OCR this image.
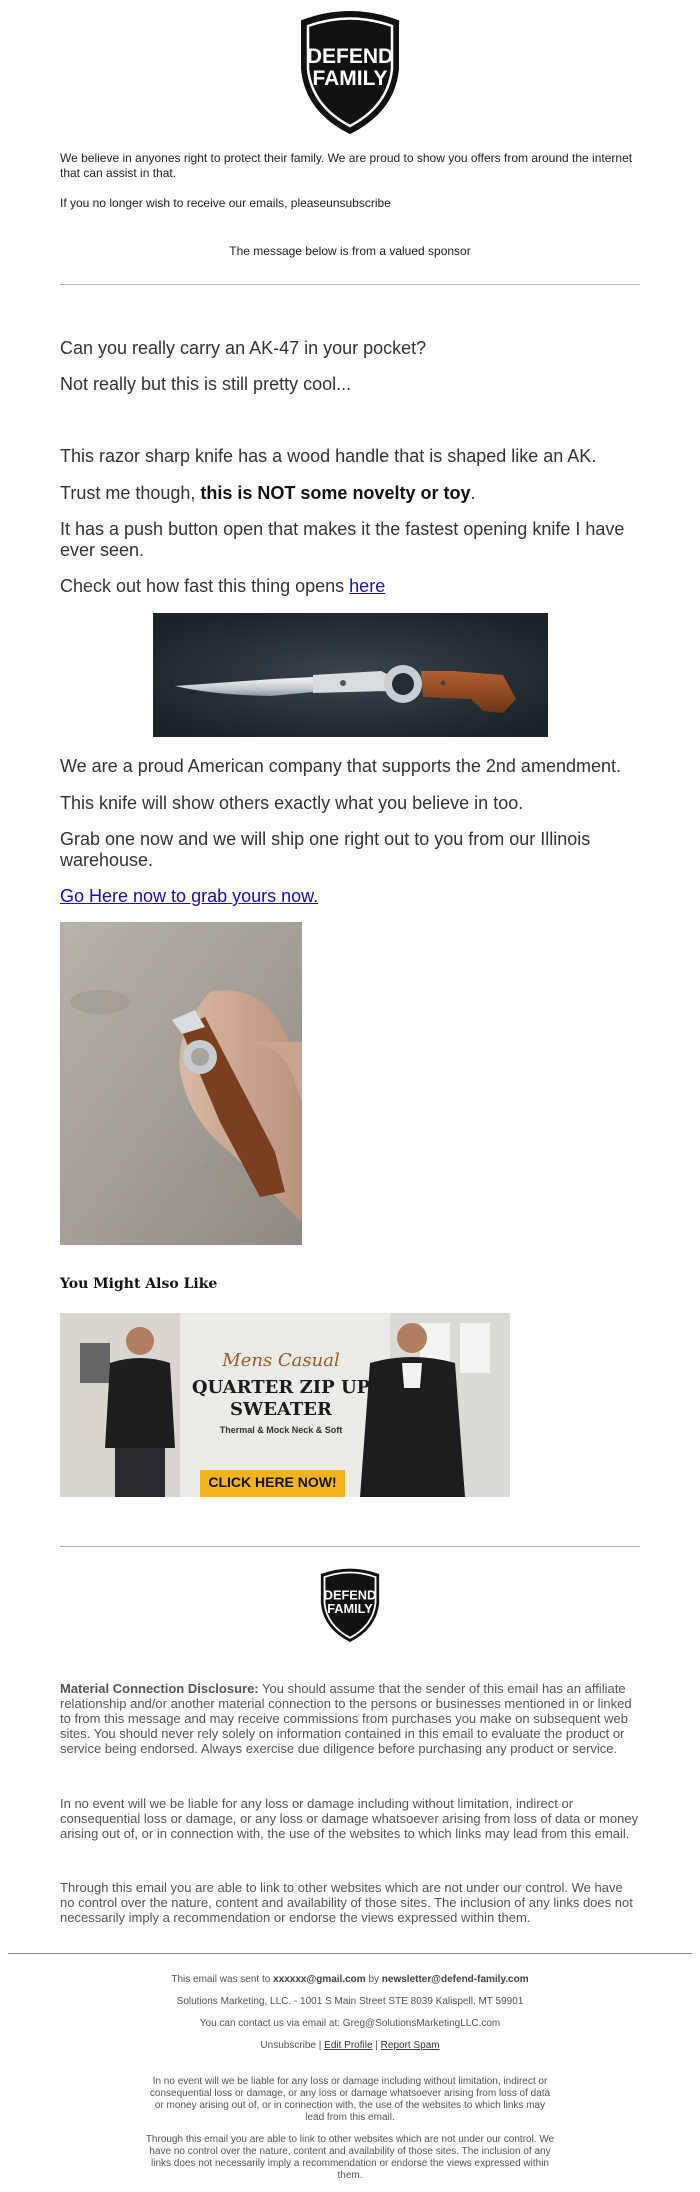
DEFEND
FAMILY
We believe in anyones right to protect their family. We are proud to show you offers from around the internet that can assist in that.
If you no longer wish to receive our emails, pleaseunsubscribe
The message below is from a valued sponsor
Can you really carry an AK-47 in your pocket?
Not really but this is still pretty cool...
This razor sharp knife has a wood handle that is shaped like an AK.
Trust me though, this is NOT some novelty or toy.
It has a push button open that makes it the fastest opening knife I have ever seen.
Check out how fast this thing opens here
We are a proud American company that supports the 2nd amendment.
This knife will show others exactly what you believe in too.
Grab one now and we will ship one right out to you from our Illinois warehouse.
Go Here now to grab yours now.
You Might Also Like
Mens Casual
QUARTER ZIP UP
SWEATER
Thermal & Mock Neck & Soft
CLICK HERE NOW!
DEFEND
FAMILY
Material Connection Disclosure: You should assume that the sender of this email has an affiliate relationship and/or another material connection to the persons or businesses mentioned in or linked to from this message and may receive commissions from purchases you make on subsequent web sites. You should never rely solely on information contained in this email to evaluate the product or service being endorsed. Always exercise due diligence before purchasing any product or service.
In no event will we be liable for any loss or damage including without limitation, indirect or consequential loss or damage, or any loss or damage whatsoever arising from loss of data or money arising out of, or in connection with, the use of the websites to which links may lead from this email.
Through this email you are able to link to other websites which are not under our control. We have no control over the nature, content and availability of those sites. The inclusion of any links does not necessarily imply a recommendation or endorse the views expressed within them.
This email was sent to xxxxxx@gmail.com by newsletter@defend-family.com
Solutions Marketing, LLC. - 1001 S Main Street STE 8039 Kalispell, MT 59901
You can contact us via email at: Greg@SolutionsMarketingLLC.com
Unsubscribe | Edit Profile | Report Spam
In no event will we be liable for any loss or damage including without limitation, indirect or consequential loss or damage, or any loss or damage whatsoever arising from loss of data or money arising out of, or in connection with, the use of the websites to which links may lead from this email.
Through this email you are able to link to other websites which are not under our control. We have no control over the nature, content and availability of those sites. The inclusion of any links does not necessarily imply a recommendation or endorse the views expressed within them.
